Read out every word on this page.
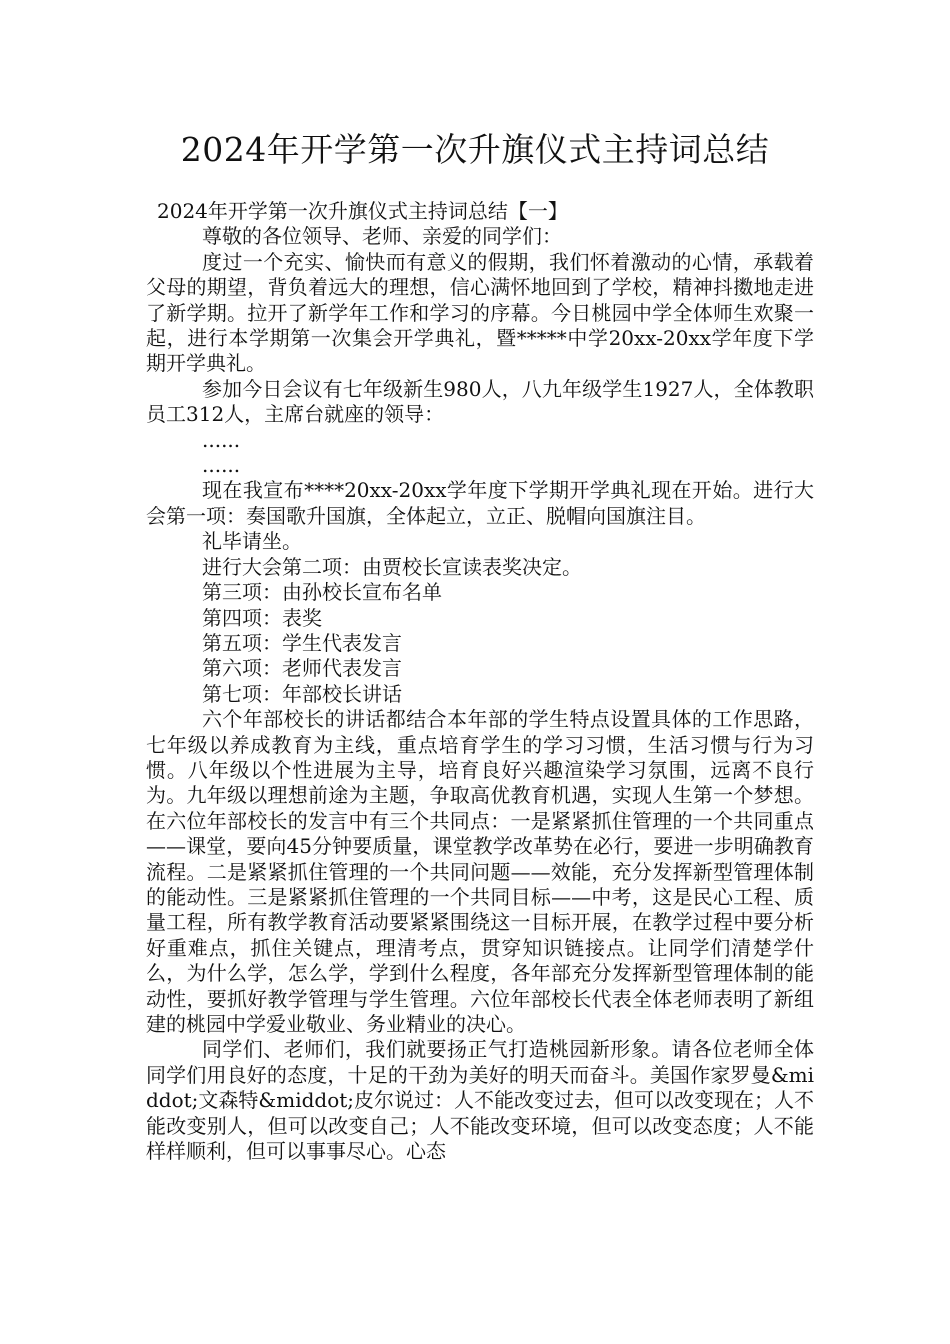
2024年开学第一次升旗仪式主持词总结

2024年开学第一次升旗仪式主持词总结【一】

尊敬的各位领导、老师、亲爱的同学们：

度过一个充实、愉快而有意义的假期，我们怀着激动的心情，承载着父母的期望，背负着远大的理想，信心满怀地回到了学校，精神抖擞地走进了新学期。拉开了新学年工作和学习的序幕。今日桃园中学全体师生欢聚一起，进行本学期第一次集会开学典礼，暨*****中学20xx-20xx学年度下学期开学典礼。

参加今日会议有七年级新生980人，八九年级学生1927人，全体教职员工312人，主席台就座的领导：

......

......

现在我宣布****20xx-20xx学年度下学期开学典礼现在开始。进行大会第一项：奏国歌升国旗，全体起立，立正、脱帽向国旗注目。

礼毕请坐。

进行大会第二项：由贾校长宣读表奖决定。

第三项：由孙校长宣布名单

第四项：表奖

第五项：学生代表发言

第六项：老师代表发言

第七项：年部校长讲话

六个年部校长的讲话都结合本年部的学生特点设置具体的工作思路，七年级以养成教育为主线，重点培育学生的学习习惯，生活习惯与行为习惯。八年级以个性进展为主导，培育良好兴趣渲染学习氛围，远离不良行为。九年级以理想前途为主题，争取高优教育机遇，实现人生第一个梦想。在六位年部校长的发言中有三个共同点：一是紧紧抓住管理的一个共同重点——课堂，要向45分钟要质量，课堂教学改革势在必行，要进一步明确教育流程。二是紧紧抓住管理的一个共同问题——效能，充分发挥新型管理体制的能动性。三是紧紧抓住管理的一个共同目标——中考，这是民心工程、质量工程，所有教学教育活动要紧紧围绕这一目标开展，在教学过程中要分析好重难点，抓住关键点，理清考点，贯穿知识链接点。让同学们清楚学什么，为什么学，怎么学，学到什么程度，各年部充分发挥新型管理体制的能动性，要抓好教学管理与学生管理。六位年部校长代表全体老师表明了新组建的桃园中学爱业敬业、务业精业的决心。

同学们、老师们，我们就要扬正气打造桃园新形象。请各位老师全体同学们用良好的态度，十足的干劲为美好的明天而奋斗。美国作家罗曼&middot;文森特&middot;皮尔说过：人不能改变过去，但可以改变现在；人不能改变别人，但可以改变自己；人不能改变环境，但可以改变态度；人不能样样顺利，但可以事事尽心。心态
